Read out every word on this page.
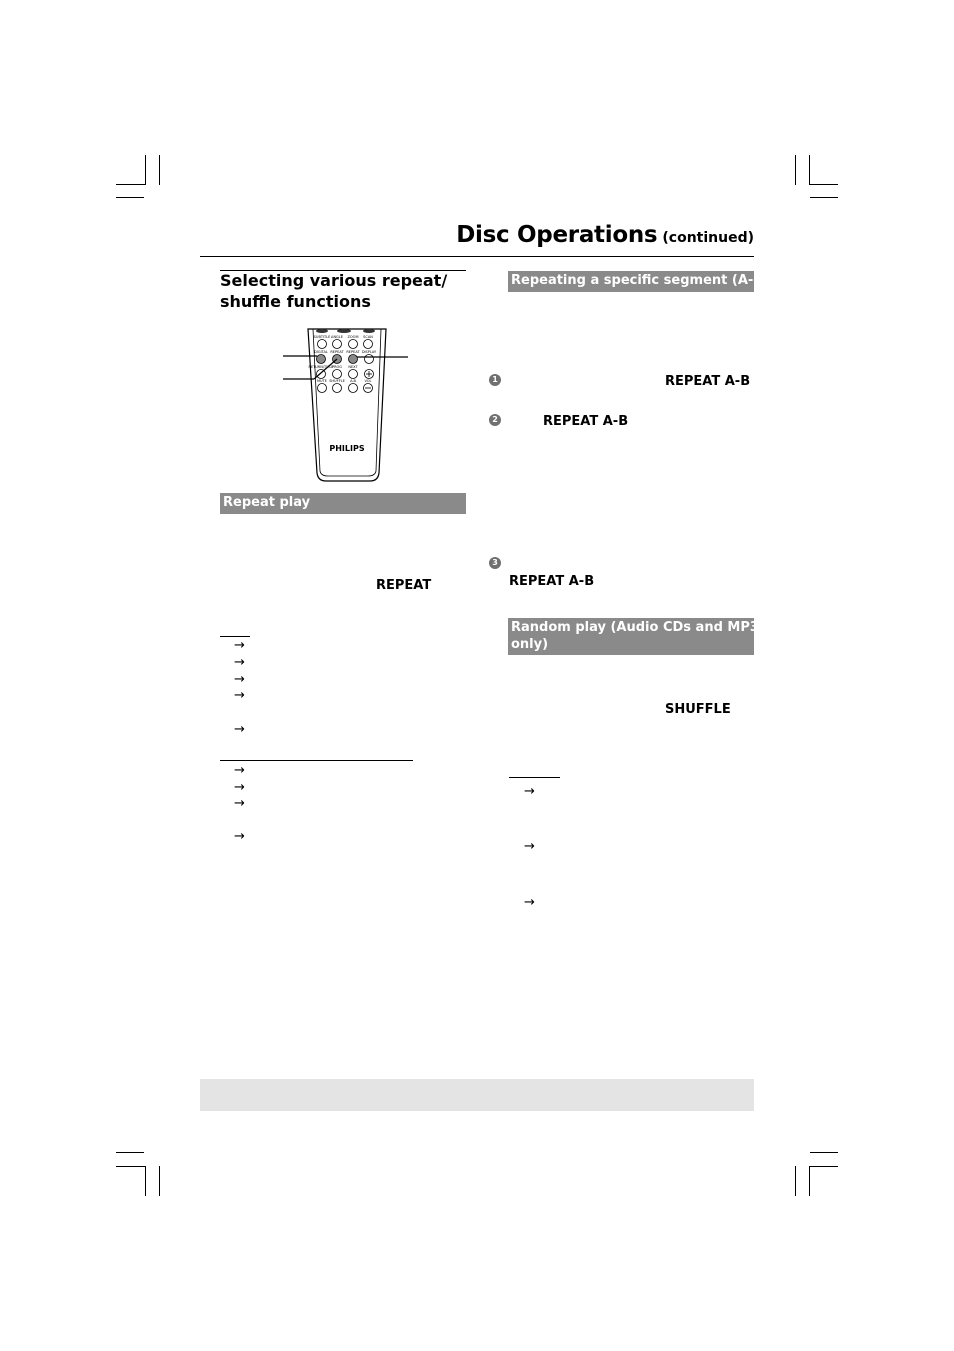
Disc Operations (continued)
Selecting various repeat/
shuffle functions
SUBTITLE ANGLE ZOOM SCAN
DIGITAL REPEAT REPEAT DISPLAY
RETURN/TITLE
PROG NEXT
MUTE SHUFFLE A-B VOL
PHILIPS
Repeat play
REPEAT
→
→
→
→
→
→
→
→
→
Repeating a specific segment (A-B)
1	REPEAT A-B
2	REPEAT A-B
3
REPEAT A-B
Random play (Audio CDs and MP3
only)
SHUFFLE
→
→
→
